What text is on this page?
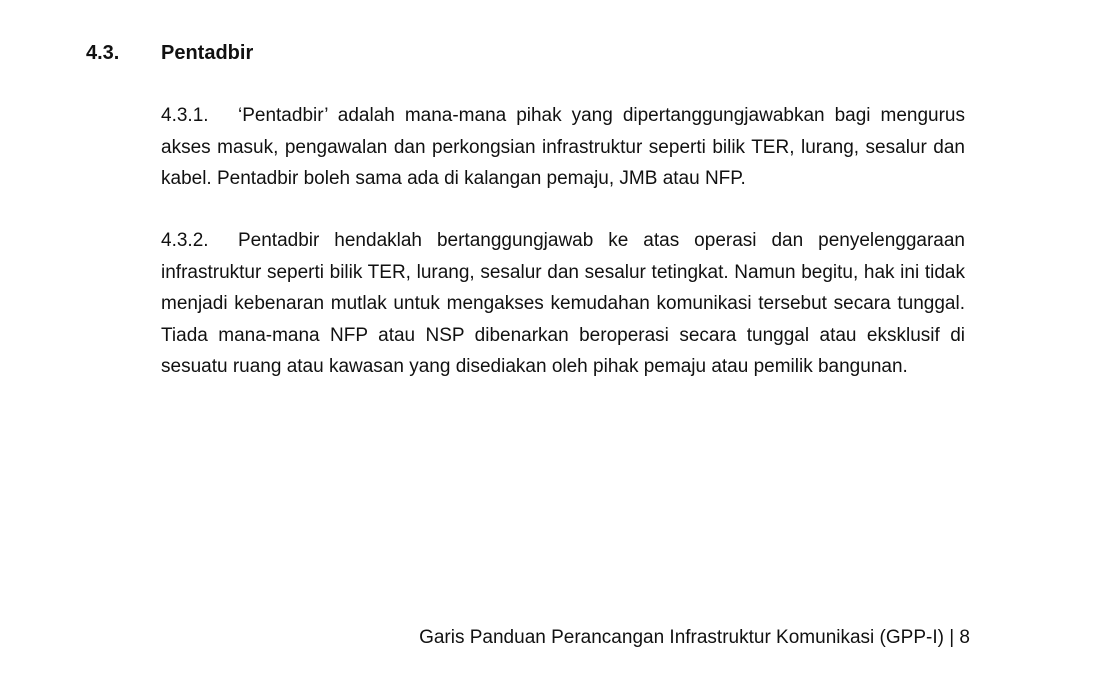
4.3. Pentadbir

4.3.1. ‘Pentadbir’ adalah mana-mana pihak yang dipertanggungjawabkan bagi mengurus akses masuk, pengawalan dan perkongsian infrastruktur seperti bilik TER, lurang, sesalur dan kabel. Pentadbir boleh sama ada di kalangan pemaju, JMB atau NFP.

4.3.2. Pentadbir hendaklah bertanggungjawab ke atas operasi dan penyelenggaraan infrastruktur seperti bilik TER, lurang, sesalur dan sesalur tetingkat. Namun begitu, hak ini tidak menjadi kebenaran mutlak untuk mengakses kemudahan komunikasi tersebut secara tunggal. Tiada mana-mana NFP atau NSP dibenarkan beroperasi secara tunggal atau eksklusif di sesuatu ruang atau kawasan yang disediakan oleh pihak pemaju atau pemilik bangunan.

Garis Panduan Perancangan Infrastruktur Komunikasi (GPP-I) | 8
